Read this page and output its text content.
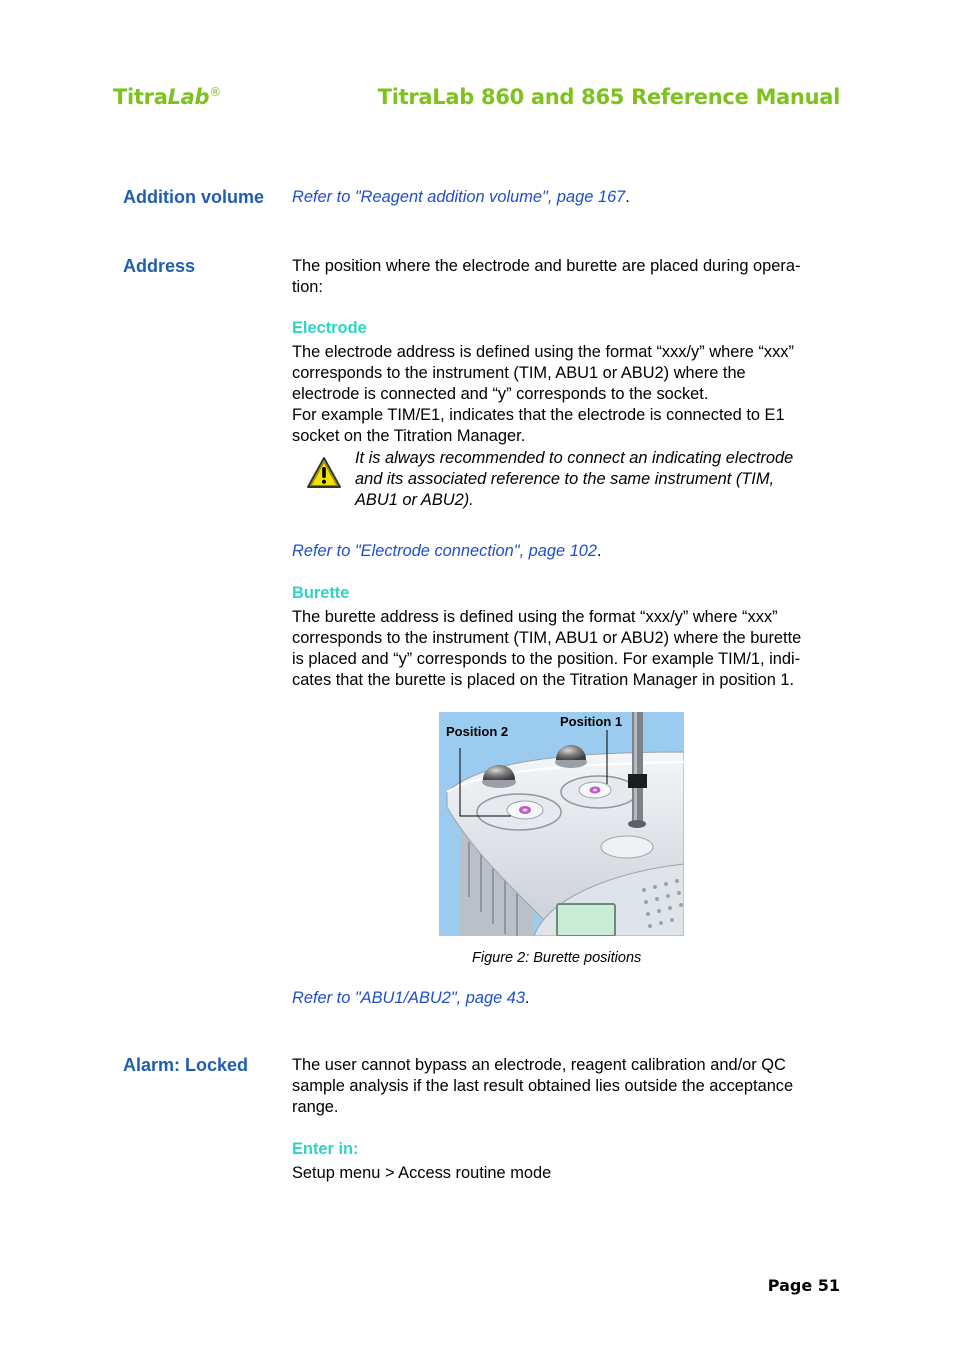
TitraLab®	TitraLab 860 and 865 Reference Manual
Addition volume Refer to "Reagent addition volume", page 167.
Address	The position where the electrode and burette are placed during opera-
tion:
Electrode
The electrode address is defined using the format “xxx/y” where “xxx”
corresponds to the instrument (TIM, ABU1 or ABU2) where the
electrode is connected and “y” corresponds to the socket.
For example TIM/E1, indicates that the electrode is connected to E1
socket on the Titration Manager.
It is always recommended to connect an indicating electrode
and its associated reference to the same instrument (TIM,
ABU1 or ABU2).
Refer to "Electrode connection", page 102.
Burette
The burette address is defined using the format “xxx/y” where “xxx”
corresponds to the instrument (TIM, ABU1 or ABU2) where the burette
is placed and “y” corresponds to the position. For example TIM/1, indi-
cates that the burette is placed on the Titration Manager in position 1.
Position 2
Position 1
Figure 2: Burette positions
Refer to "ABU1/ABU2", page 43.
Alarm: Locked	The user cannot bypass an electrode, reagent calibration and/or QC
sample analysis if the last result obtained lies outside the acceptance
range.
Enter in:
Setup menu > Access routine mode
Page 51
